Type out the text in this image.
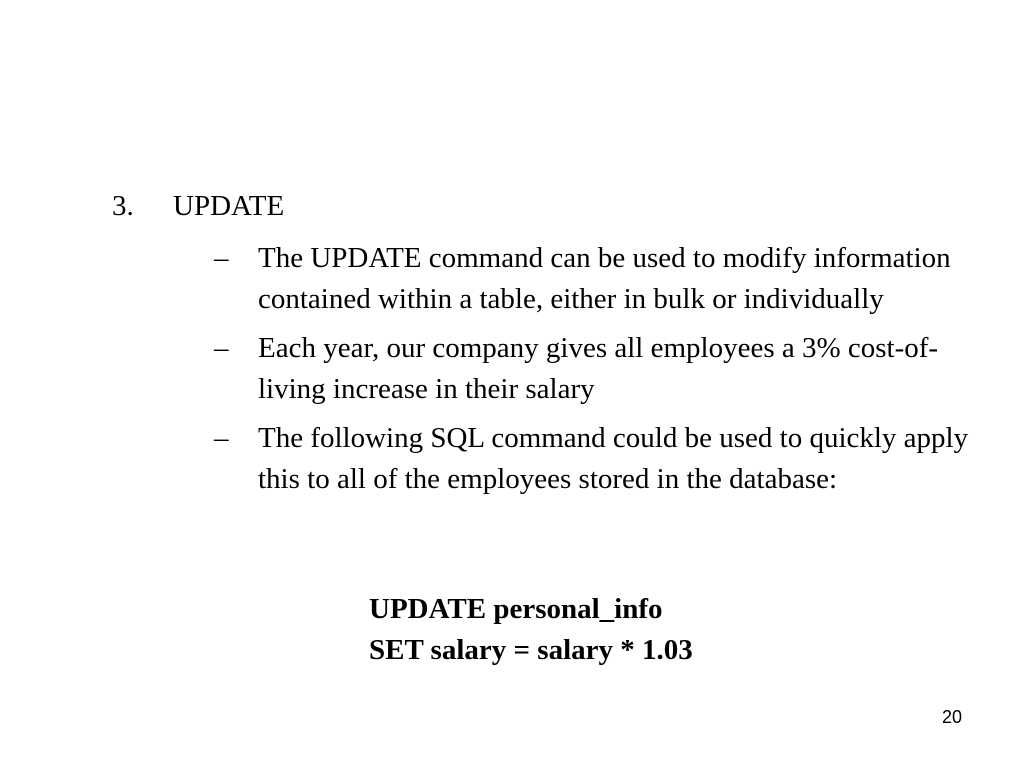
3. UPDATE
– The UPDATE command can be used to modify information contained within a table, either in bulk or individually
– Each year, our company gives all employees a 3% cost-of-living increase in their salary
– The following SQL command could be used to quickly apply this to all of the employees stored in the database:
UPDATE personal_info
SET salary = salary * 1.03
20
